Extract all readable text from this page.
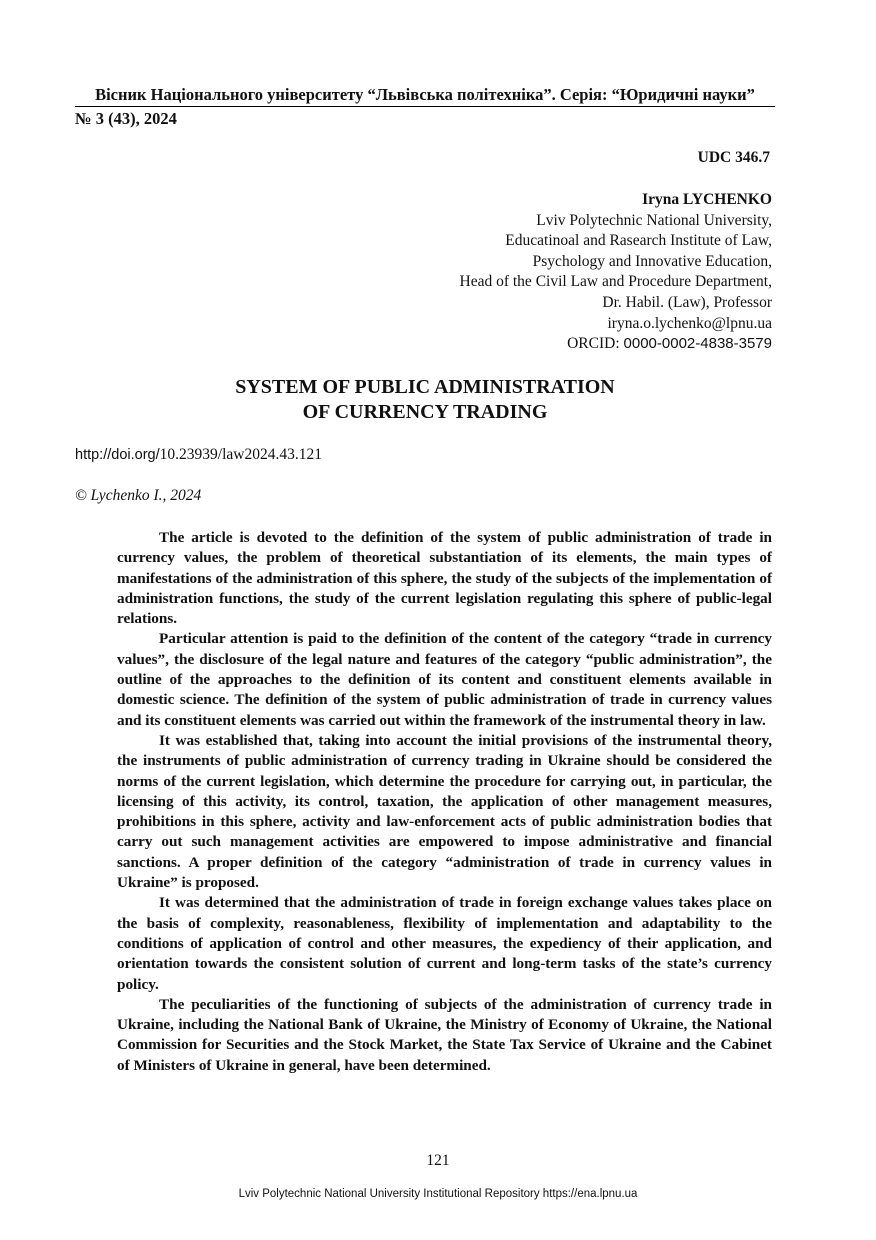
Вісник Національного університету “Львівська політехніка”. Серія: “Юридичні науки”
№ 3 (43), 2024
UDC 346.7
Iryna LYCHENKO
Lviv Polytechnic National University,
Educatinoal and Rasearch Institute of Law,
Psychology and Innovative Education,
Head of the Civil Law and Procedure Department,
Dr. Habil. (Law), Professor
iryna.o.lychenko@lpnu.ua
ORCID: 0000-0002-4838-3579
SYSTEM OF PUBLIC ADMINISTRATION
OF CURRENCY TRADING
http://doi.org/10.23939/law2024.43.121
© Lychenko I., 2024

The article is devoted to the definition of the system of public administration of trade in currency values, the problem of theoretical substantiation of its elements, the main types of manifestations of the administration of this sphere, the study of the subjects of the implementation of administration functions, the study of the current legislation regulating this sphere of public-legal relations.

Particular attention is paid to the definition of the content of the category “trade in currency values”, the disclosure of the legal nature and features of the category “public administration”, the outline of the approaches to the definition of its content and constituent elements available in domestic science. The definition of the system of public administration of trade in currency values and its constituent elements was carried out within the framework of the instrumental theory in law.

It was established that, taking into account the initial provisions of the instrumental theory, the instruments of public administration of currency trading in Ukraine should be considered the norms of the current legislation, which determine the procedure for carrying out, in particular, the licensing of this activity, its control, taxation, the application of other management measures, prohibitions in this sphere, activity and law-enforcement acts of public administration bodies that carry out such management activities are empowered to impose administrative and financial sanctions. A proper definition of the category “administration of trade in currency values in Ukraine” is proposed.

It was determined that the administration of trade in foreign exchange values takes place on the basis of complexity, reasonableness, flexibility of implementation and adaptability to the conditions of application of control and other measures, the expediency of their application, and orientation towards the consistent solution of current and long-term tasks of the state’s currency policy.

The peculiarities of the functioning of subjects of the administration of currency trade in Ukraine, including the National Bank of Ukraine, the Ministry of Economy of Ukraine, the National Commission for Securities and the Stock Market, the State Tax Service of Ukraine and the Cabinet of Ministers of Ukraine in general, have been determined.

121
Lviv Polytechnic National University Institutional Repository https://ena.lpnu.ua
